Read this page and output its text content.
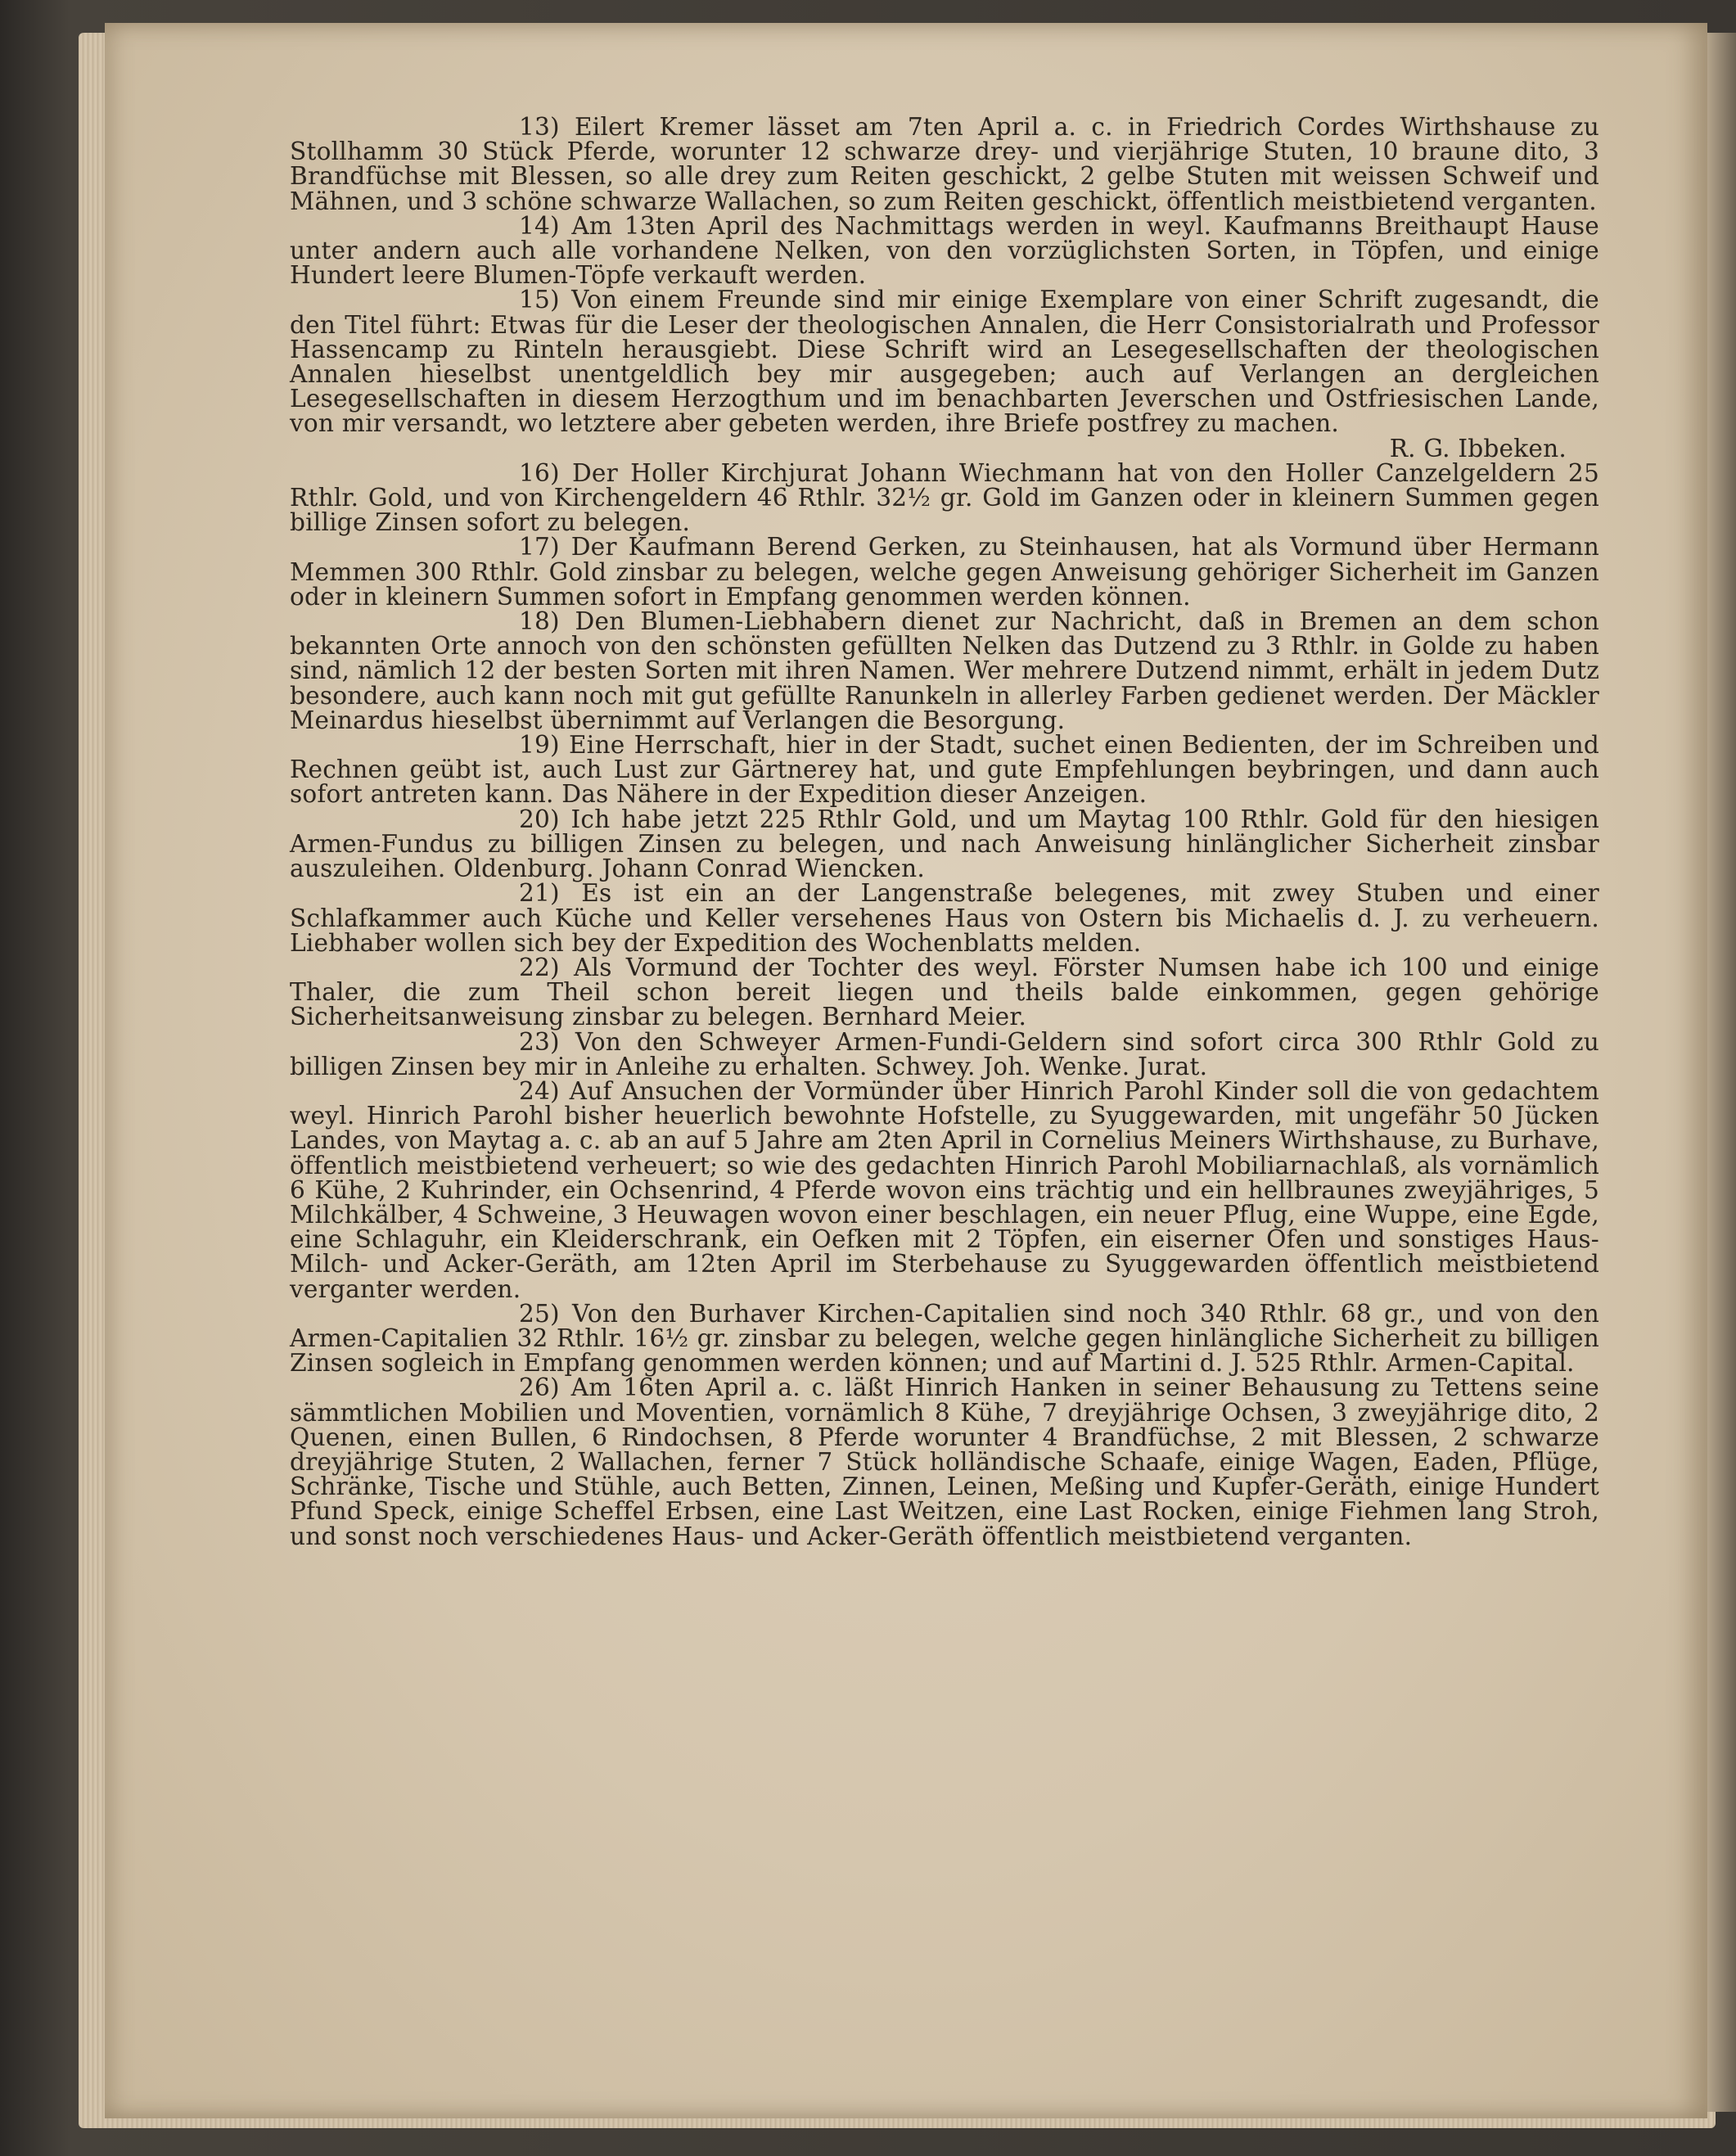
13) Eilert Kremer lässet am 7ten April a. c. in Friedrich Cordes Wirthshause zu Stollhamm 30 Stück Pferde, worunter 12 schwarze drey- und vierjährige Stuten, 10 braune dito, 3 Brandfüchse mit Blessen, so alle drey zum Reiten geschickt, 2 gelbe Stuten mit weissen Schweif und Mähnen, und 3 schöne schwarze Wallachen, so zum Reiten geschickt, öffentlich meistbietend verganten.

14) Am 13ten April des Nachmittags werden in weyl. Kaufmanns Breithaupt Hause unter andern auch alle vorhandene Nelken, von den vorzüglichsten Sorten, in Töpfen, und einige Hundert leere Blumen-Töpfe verkauft werden.

15) Von einem Freunde sind mir einige Exemplare von einer Schrift zugesandt, die den Titel führt: Etwas für die Leser der theologischen Annalen, die Herr Consistorialrath und Professor Hassencamp zu Rinteln herausgiebt. Diese Schrift wird an Lesegesellschaften der theologischen Annalen hieselbst unentgeldlich bey mir ausgegeben; auch auf Verlangen an dergleichen Lesegesellschaften in diesem Herzogthum und im benachbarten Jeverschen und Ostfriesischen Lande, von mir versandt, wo letztere aber gebeten werden, ihre Briefe postfrey zu machen.

R. G. Ibbeken.

16) Der Holler Kirchjurat Johann Wiechmann hat von den Holler Canzelgeldern 25 Rthlr. Gold, und von Kirchengeldern 46 Rthlr. 32½ gr. Gold im Ganzen oder in kleinern Summen gegen billige Zinsen sofort zu belegen.

17) Der Kaufmann Berend Gerken, zu Steinhausen, hat als Vormund über Hermann Memmen 300 Rthlr. Gold zinsbar zu belegen, welche gegen Anweisung gehöriger Sicherheit im Ganzen oder in kleinern Summen sofort in Empfang genommen werden können.

18) Den Blumen-Liebhabern dienet zur Nachricht, daß in Bremen an dem schon bekannten Orte annoch von den schönsten gefüllten Nelken das Dutzend zu 3 Rthlr. in Golde zu haben sind, nämlich 12 der besten Sorten mit ihren Namen. Wer mehrere Dutzend nimmt, erhält in jedem Dutz besondere, auch kann noch mit gut gefüllte Ranunkeln in allerley Farben gedienet werden. Der Mäckler Meinardus hieselbst übernimmt auf Verlangen die Besorgung.

19) Eine Herrschaft, hier in der Stadt, suchet einen Bedienten, der im Schreiben und Rechnen geübt ist, auch Lust zur Gärtnerey hat, und gute Empfehlungen beybringen, und dann auch sofort antreten kann. Das Nähere in der Expedition dieser Anzeigen.

20) Ich habe jetzt 225 Rthlr Gold, und um Maytag 100 Rthlr. Gold für den hiesigen Armen-Fundus zu billigen Zinsen zu belegen, und nach Anweisung hinlänglicher Sicherheit zinsbar auszuleihen. Oldenburg. Johann Conrad Wiencken.

21) Es ist ein an der Langenstraße belegenes, mit zwey Stuben und einer Schlafkammer auch Küche und Keller versehenes Haus von Ostern bis Michaelis d. J. zu verheuern. Liebhaber wollen sich bey der Expedition des Wochenblatts melden.

22) Als Vormund der Tochter des weyl. Förster Numsen habe ich 100 und einige Thaler, die zum Theil schon bereit liegen und theils balde einkommen, gegen gehörige Sicherheitsanweisung zinsbar zu belegen. Bernhard Meier.

23) Von den Schweyer Armen-Fundi-Geldern sind sofort circa 300 Rthlr Gold zu billigen Zinsen bey mir in Anleihe zu erhalten. Schwey. Joh. Wenke. Jurat.

24) Auf Ansuchen der Vormünder über Hinrich Parohl Kinder soll die von gedachtem weyl. Hinrich Parohl bisher heuerlich bewohnte Hofstelle, zu Syuggewarden, mit ungefähr 50 Jücken Landes, von Maytag a. c. ab an auf 5 Jahre am 2ten April in Cornelius Meiners Wirthshause, zu Burhave, öffentlich meistbietend verheuert; so wie des gedachten Hinrich Parohl Mobiliarnachlaß, als vornämlich 6 Kühe, 2 Kuhrinder, ein Ochsenrind, 4 Pferde wovon eins trächtig und ein hellbraunes zweyjähriges, 5 Milchkälber, 4 Schweine, 3 Heuwagen wovon einer beschlagen, ein neuer Pflug, eine Wuppe, eine Egde, eine Schlaguhr, ein Kleiderschrank, ein Oefken mit 2 Töpfen, ein eiserner Ofen und sonstiges Haus- Milch- und Acker-Geräth, am 12ten April im Sterbehause zu Syuggewarden öffentlich meistbietend verganter werden.

25) Von den Burhaver Kirchen-Capitalien sind noch 340 Rthlr. 68 gr., und von den Armen-Capitalien 32 Rthlr. 16½ gr. zinsbar zu belegen, welche gegen hinlängliche Sicherheit zu billigen Zinsen sogleich in Empfang genommen werden können; und auf Martini d. J. 525 Rthlr. Armen-Capital.

26) Am 16ten April a. c. läßt Hinrich Hanken in seiner Behausung zu Tettens seine sämmtlichen Mobilien und Moventien, vornämlich 8 Kühe, 7 dreyjährige Ochsen, 3 zweyjährige dito, 2 Quenen, einen Bullen, 6 Rindochsen, 8 Pferde worunter 4 Brandfüchse, 2 mit Blessen, 2 schwarze dreyjährige Stuten, 2 Wallachen, ferner 7 Stück holländische Schaafe, einige Wagen, Eaden, Pflüge, Schränke, Tische und Stühle, auch Betten, Zinnen, Leinen, Meßing und Kupfer-Geräth, einige Hundert Pfund Speck, einige Scheffel Erbsen, eine Last Weitzen, eine Last Rocken, einige Fiehmen lang Stroh, und sonst noch verschiedenes Haus- und Acker-Geräth öffentlich meistbietend verganten.
